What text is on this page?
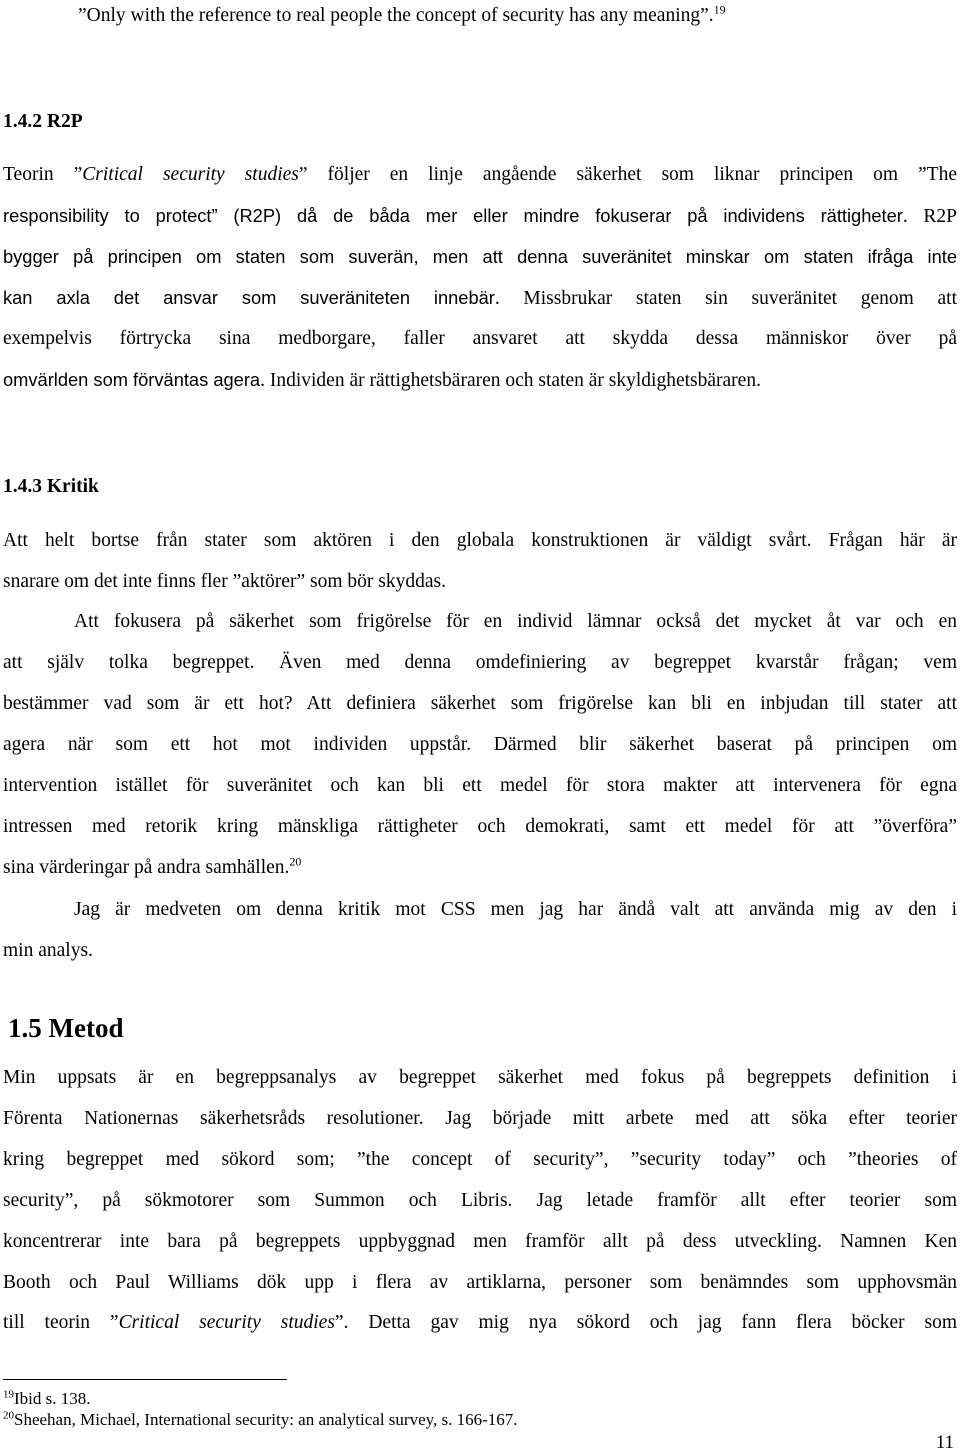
”Only with the reference to real people the concept of security has any meaning”.$^{19}$
1.4.2 R2P
Teorin ”Critical security studies” följer en linje angående säkerhet som liknar principen om ”The
responsibility to protect” (R2P) då de båda mer eller mindre fokuserar på individens rättigheter. R2P
bygger på principen om staten som suverän, men att denna suveränitet minskar om staten ifråga inte
kan axla det ansvar som suveräniteten innebär. Missbrukar staten sin suveränitet genom att
exempelvis förtrycka sina medborgare, faller ansvaret att skydda dessa människor över på
omvärlden som förväntas agera. Individen är rättighetsbäraren och staten är skyldighetsbäraren.
1.4.3 Kritik
Att helt bortse från stater som aktören i den globala konstruktionen är väldigt svårt. Frågan här är
snarare om det inte finns fler ”aktörer” som bör skyddas.
Att fokusera på säkerhet som frigörelse för en individ lämnar också det mycket åt var och en
att själv tolka begreppet. Även med denna omdefiniering av begreppet kvarstår frågan; vem
bestämmer vad som är ett hot? Att definiera säkerhet som frigörelse kan bli en inbjudan till stater att
agera när som ett hot mot individen uppstår. Därmed blir säkerhet baserat på principen om
intervention istället för suveränitet och kan bli ett medel för stora makter att intervenera för egna
intressen med retorik kring mänskliga rättigheter och demokrati, samt ett medel för att ”överföra”
sina värderingar på andra samhällen.$^{20}$
Jag är medveten om denna kritik mot CSS men jag har ändå valt att använda mig av den i
min analys.
1.5 Metod
Min uppsats är en begreppsanalys av begreppet säkerhet med fokus på begreppets definition i
Förenta Nationernas säkerhetsråds resolutioner. Jag började mitt arbete med att söka efter teorier
kring begreppet med sökord som; ”the concept of security”, ”security today” och ”theories of
security”, på sökmotorer som Summon och Libris. Jag letade framför allt efter teorier som
koncentrerar inte bara på begreppets uppbyggnad men framför allt på dess utveckling. Namnen Ken
Booth och Paul Williams dök upp i flera av artiklarna, personer som benämndes som upphovsmän
till teorin ”Critical security studies”. Detta gav mig nya sökord och jag fann flera böcker som
$^{19}$Ibid s. 138.
$^{20}$Sheehan, Michael, International security: an analytical survey, s. 166-167.
11
